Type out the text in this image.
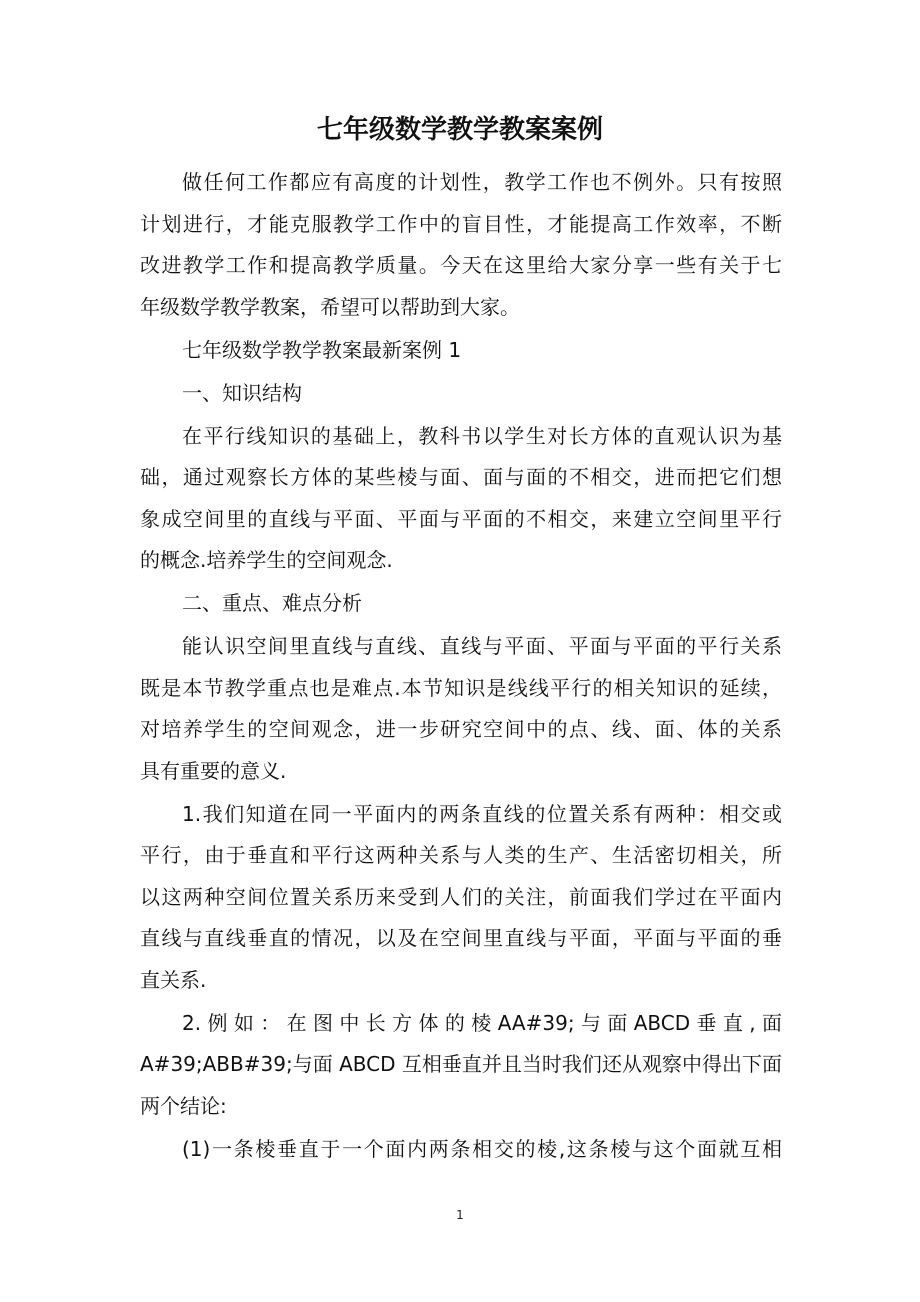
七年级数学教学教案案例
做任何工作都应有高度的计划性，教学工作也不例外。只有按照
计划进行，才能克服教学工作中的盲目性，才能提高工作效率，不断
改进教学工作和提高教学质量。今天在这里给大家分享一些有关于七
年级数学教学教案，希望可以帮助到大家。
七年级数学教学教案最新案例 1
一、知识结构
在平行线知识的基础上，教科书以学生对长方体的直观认识为基
础，通过观察长方体的某些棱与面、面与面的不相交，进而把它们想
象成空间里的直线与平面、平面与平面的不相交，来建立空间里平行
的概念.培养学生的空间观念.
二、重点、难点分析
能认识空间里直线与直线、直线与平面、平面与平面的平行关系
既是本节教学重点也是难点.本节知识是线线平行的相关知识的延续，
对培养学生的空间观念，进一步研究空间中的点、线、面、体的关系
具有重要的意义.
1.我们知道在同一平面内的两条直线的位置关系有两种：相交或
平行，由于垂直和平行这两种关系与人类的生产、生活密切相关，所
以这两种空间位置关系历来受到人们的关注，前面我们学过在平面内
直线与直线垂直的情况，以及在空间里直线与平面，平面与平面的垂
直关系.
2. 例 如 ： 在 图 中 长 方 体 的 棱 AA#39; 与 面 ABCD 垂 直 , 面
A#39;ABB#39;与面 ABCD 互相垂直并且当时我们还从观察中得出下面
两个结论:
(1)一条棱垂直于一个面内两条相交的棱,这条棱与这个面就互相
1
